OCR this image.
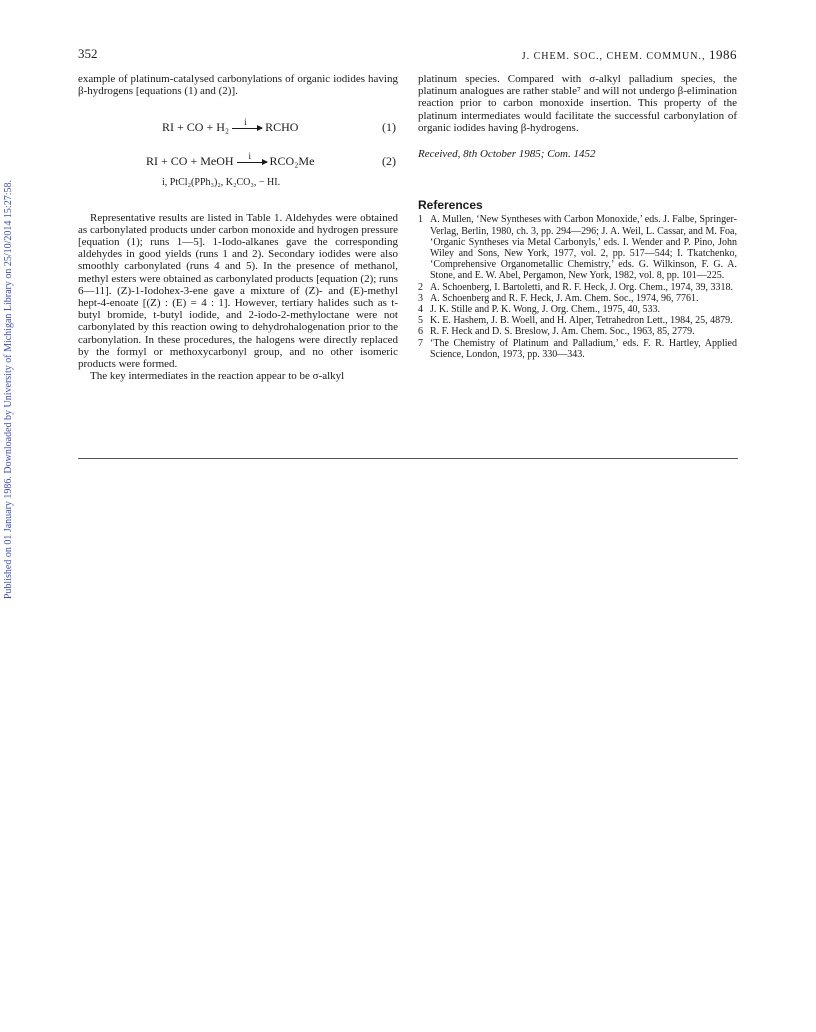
Published on 01 January 1986. Downloaded by University of Michigan Library on 25/10/2014 15:27:58.
352	J. CHEM. SOC., CHEM. COMMUN., 1986

example of platinum-catalysed carbonylations of organic iodides having β-hydrogens [equations (1) and (2)].

RI + CO + H₂ i RCHO	(1)
RI + CO + MeOH i RCO₂Me	(2)
i, PtCl₂(PPh₃)₂, K₂CO₃, − HI.

Representative results are listed in Table 1. Aldehydes were obtained as carbonylated products under carbon monoxide and hydrogen pressure [equation (1); runs 1—5]. 1-Iodo-alkanes gave the corresponding aldehydes in good yields (runs 1 and 2). Secondary iodides were also smoothly carbonylated (runs 4 and 5). In the presence of methanol, methyl esters were obtained as carbonylated products [equation (2); runs 6—11]. (Z)-1-Iodohex-3-ene gave a mixture of (Z)- and (E)-methyl hept-4-enoate [(Z) : (E) = 4 : 1]. However, tertiary halides such as t-butyl bromide, t-butyl iodide, and 2-iodo-2-methyloctane were not carbonylated by this reaction owing to dehydrohalogenation prior to the carbonylation. In these procedures, the halogens were directly replaced by the formyl or methoxycarbonyl group, and no other isomeric products were formed.

The key intermediates in the reaction appear to be σ-alkyl

platinum species. Compared with σ-alkyl palladium species, the platinum analogues are rather stable⁷ and will not undergo β-elimination reaction prior to carbon monoxide insertion. This property of the platinum intermediates would facilitate the successful carbonylation of organic iodides having β-hydrogens.

Received, 8th October 1985; Com. 1452

References
1 A. Mullen, ‘New Syntheses with Carbon Monoxide,’ eds. J. Falbe, Springer-Verlag, Berlin, 1980, ch. 3, pp. 294—296; J. A. Weil, L. Cassar, and M. Foa, ‘Organic Syntheses via Metal Carbonyls,’ eds. I. Wender and P. Pino, John Wiley and Sons, New York, 1977, vol. 2, pp. 517—544; I. Tkatchenko, ‘Comprehensive Organometallic Chemistry,’ eds. G. Wilkinson, F. G. A. Stone, and E. W. Abel, Pergamon, New York, 1982, vol. 8, pp. 101—225.
2 A. Schoenberg, I. Bartoletti, and R. F. Heck, J. Org. Chem., 1974, 39, 3318.
3 A. Schoenberg and R. F. Heck, J. Am. Chem. Soc., 1974, 96, 7761.
4 J. K. Stille and P. K. Wong, J. Org. Chem., 1975, 40, 533.
5 K. E. Hashem, J. B. Woell, and H. Alper, Tetrahedron Lett., 1984, 25, 4879.
6 R. F. Heck and D. S. Breslow, J. Am. Chem. Soc., 1963, 85, 2779.
7 ‘The Chemistry of Platinum and Palladium,’ eds. F. R. Hartley, Applied Science, London, 1973, pp. 330—343.
